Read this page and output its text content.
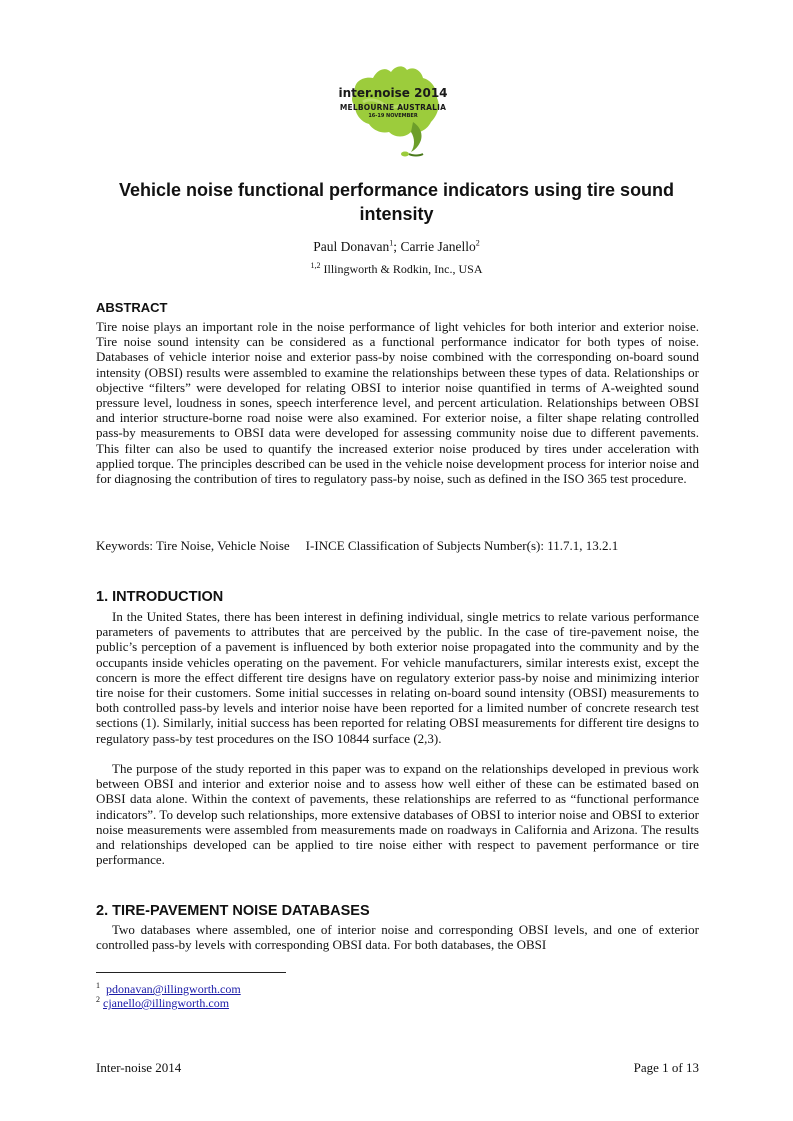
inter.noise 2014
MELBOURNE AUSTRALIA
16-19 NOVEMBER
Vehicle noise functional performance indicators using tire sound intensity
Paul Donavan$^1$; Carrie Janello$^2$
$^{1,2}$ Illingworth & Rodkin, Inc., USA
ABSTRACT

Tire noise plays an important role in the noise performance of light vehicles for both interior and exterior noise. Tire noise sound intensity can be considered as a functional performance indicator for both types of noise. Databases of vehicle interior noise and exterior pass-by noise combined with the corresponding on-board sound intensity (OBSI) results were assembled to examine the relationships between these types of data. Relationships or objective “filters” were developed for relating OBSI to interior noise quantified in terms of A-weighted sound pressure level, loudness in sones, speech interference level, and percent articulation. Relationships between OBSI and interior structure-borne road noise were also examined. For exterior noise, a filter shape relating controlled pass-by measurements to OBSI data were developed for assessing community noise due to different pavements. This filter can also be used to quantify the increased exterior noise produced by tires under acceleration with applied torque. The principles described can be used in the vehicle noise development process for interior noise and for diagnosing the contribution of tires to regulatory pass-by noise, such as defined in the ISO 365 test procedure.

Keywords: Tire Noise, Vehicle Noise I-INCE Classification of Subjects Number(s): 11.7.1, 13.2.1
1. INTRODUCTION

In the United States, there has been interest in defining individual, single metrics to relate various performance parameters of pavements to attributes that are perceived by the public. In the case of tire-pavement noise, the public’s perception of a pavement is influenced by both exterior noise propagated into the community and by the occupants inside vehicles operating on the pavement. For vehicle manufacturers, similar interests exist, except the concern is more the effect different tire designs have on regulatory exterior pass-by noise and minimizing interior tire noise for their customers. Some initial successes in relating on-board sound intensity (OBSI) measurements to both controlled pass-by levels and interior noise have been reported for a limited number of concrete research test sections (1). Similarly, initial success has been reported for relating OBSI measurements for different tire designs to regulatory pass-by test procedures on the ISO 10844 surface (2,3).

The purpose of the study reported in this paper was to expand on the relationships developed in previous work between OBSI and interior and exterior noise and to assess how well either of these can be estimated based on OBSI data alone. Within the context of pavements, these relationships are referred to as “functional performance indicators”. To develop such relationships, more extensive databases of OBSI to interior noise and OBSI to exterior noise measurements were assembled from measurements made on roadways in California and Arizona. The results and relationships developed can be applied to tire noise either with respect to pavement performance or tire performance.

2. TIRE-PAVEMENT NOISE DATABASES

Two databases where assembled, one of interior noise and corresponding OBSI levels, and one of exterior controlled pass-by levels with corresponding OBSI data. For both databases, the OBSI

$^1$ pdonavan@illingworth.com
$^2$ cjanello@illingworth.com
Inter-noise 2014	Page 1 of 13
